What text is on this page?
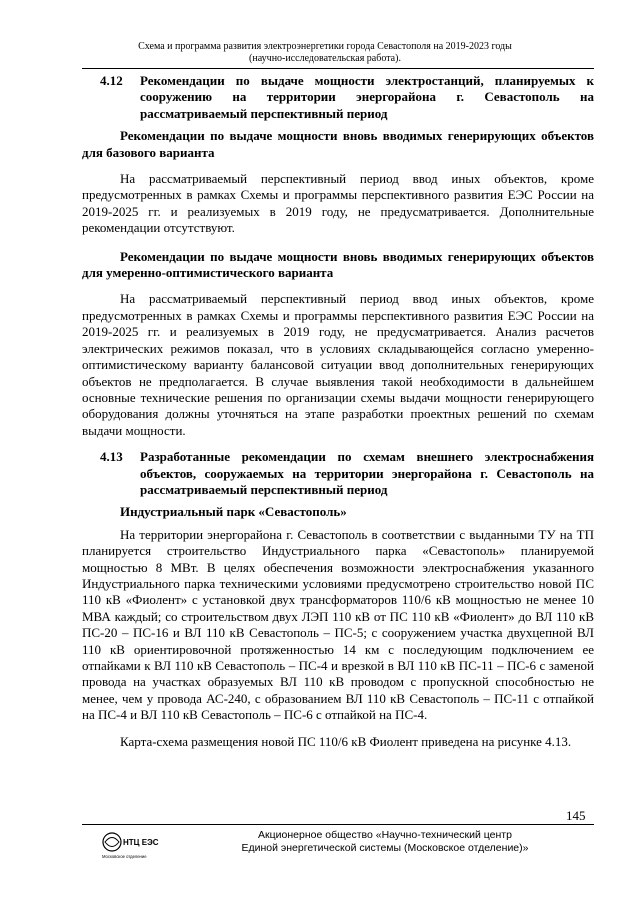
Схема и программа развития электроэнергетики города Севастополя на 2019-2023 годы
(научно-исследовательская работа).
4.12	Рекомендации по выдаче мощности электростанций, планируемых к сооружению на территории энергорайона г. Севастополь на рассматриваемый перспективный период
Рекомендации по выдаче мощности вновь вводимых генерирующих объектов для базового варианта
На рассматриваемый перспективный период ввод иных объектов, кроме предусмотренных в рамках Схемы и программы перспективного развития ЕЭС России на 2019-2025 гг. и реализуемых в 2019 году, не предусматривается. Дополнительные рекомендации отсутствуют.
Рекомендации по выдаче мощности вновь вводимых генерирующих объектов для умеренно-оптимистического варианта
На рассматриваемый перспективный период ввод иных объектов, кроме предусмотренных в рамках Схемы и программы перспективного развития ЕЭС России на 2019-2025 гг. и реализуемых в 2019 году, не предусматривается. Анализ расчетов электрических режимов показал, что в условиях складывающейся согласно умеренно-оптимистическому варианту балансовой ситуации ввод дополнительных генерирующих объектов не предполагается. В случае выявления такой необходимости в дальнейшем основные технические решения по организации схемы выдачи мощности генерирующего оборудования должны уточняться на этапе разработки проектных решений по схемам выдачи мощности.
4.13	Разработанные рекомендации по схемам внешнего электроснабжения объектов, сооружаемых на территории энергорайона г. Севастополь на рассматриваемый перспективный период
Индустриальный парк «Севастополь»
На территории энергорайона г. Севастополь в соответствии с выданными ТУ на ТП планируется строительство Индустриального парка «Севастополь» планируемой мощностью 8 МВт. В целях обеспечения возможности электроснабжения указанного Индустриального парка техническими условиями предусмотрено строительство новой ПС 110 кВ «Фиолент» с установкой двух трансформаторов 110/6 кВ мощностью не менее 10 МВА каждый; со строительством двух ЛЭП 110 кВ от ПС 110 кВ «Фиолент» до ВЛ 110 кВ ПС-20 – ПС-16 и ВЛ 110 кВ Севастополь – ПС-5; с сооружением участка двухцепной ВЛ 110 кВ ориентировочной протяженностью 14 км с последующим подключением ее отпайками к ВЛ 110 кВ Севастополь – ПС-4 и врезкой в ВЛ 110 кВ ПС-11 – ПС-6 с заменой провода на участках образуемых ВЛ 110 кВ проводом с пропускной способностью не менее, чем у провода АС-240, с образованием ВЛ 110 кВ Севастополь – ПС-11 с отпайкой на ПС-4 и ВЛ 110 кВ Севастополь – ПС-6 с отпайкой на ПС-4.
Карта-схема размещения новой ПС 110/6 кВ Фиолент приведена на рисунке 4.13.
145
НТЦ ЕЭС
Московское отделение
Акционерное общество «Научно-технический центр
Единой энергетической системы (Московское отделение)»
